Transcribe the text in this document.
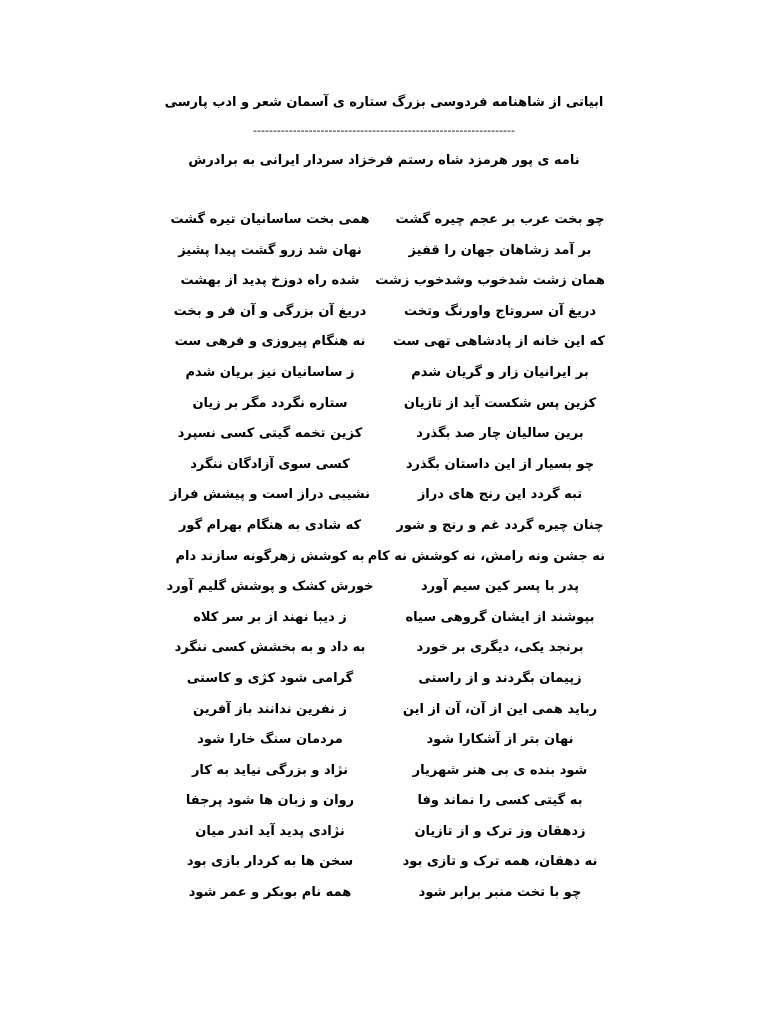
ابیاتی از شاهنامه فردوسی بزرگ ستاره ی آسمان شعر و ادب پارسی
------------------------------------------------------------------
نامه ی پور هرمزد شاه رستم فرخزاد سردار ایرانی به برادرش
چو بخت عرب بر عجم چیره گشت
همی بخت ساسانیان تیره گشت
بر آمد زشاهان جهان را قفیز
نهان شد زرو گشت پیدا پشیز
همان زشت شدخوب وشدخوب زشت
شده راه دوزخ پدید از بهشت
دریغ آن سروتاج واورنگ وتخت
دریغ آن بزرگی و آن فر و بخت
که این خانه از پادشاهی تهی ست
نه هنگام پیروزی و فرهی ست
بر ایرانیان زار و گریان شدم
ز ساسانیان نیز بریان شدم
کزین پس شکست آید از تازیان
ستاره نگردد مگر بر زیان
برین سالیان چار صد بگذرد
کزین تخمه گیتی کسی نسپرد
چو بسیار از این داستان بگذرد
کسی سوی آزادگان ننگرد
تبه گردد این رنج های دراز
نشیبی دراز است و پیشش فراز
چنان چیره گردد غم و رنج و شور
که شادی به هنگام بهرام گور
نه جشن ونه رامش، نه کوشش نه کام
به کوشش زهرگونه سازند دام
پدر با پسر کین سیم آورد
خورش کشک و پوشش گلیم آورد
بپوشند از ایشان گروهی سیاه
ز دیبا نهند از بر سر کلاه
برنجد یکی، دیگری بر خورد
به داد و به بخشش کسی ننگرد
زپیمان بگردند و از راستی
گرامی شود کژی و کاستی
رباید همی این از آن، آن از این
ز نفرین ندانند باز آفرین
نهان بتر از آشکارا شود
مردمان سنگ خارا شود
شود بنده ی بی هنر شهریار
نژاد و بزرگی نیاید به کار
به گیتی کسی را نماند وفا
روان و زبان ها شود پرجفا
زدهقان وز ترک و از تازیان
نژادی پدید آید اندر میان
نه دهقان، همه ترک و تازی بود
سخن ها به کردار بازی بود
چو با تخت منبر برابر شود
همه نام بوبکر و عمر شود
